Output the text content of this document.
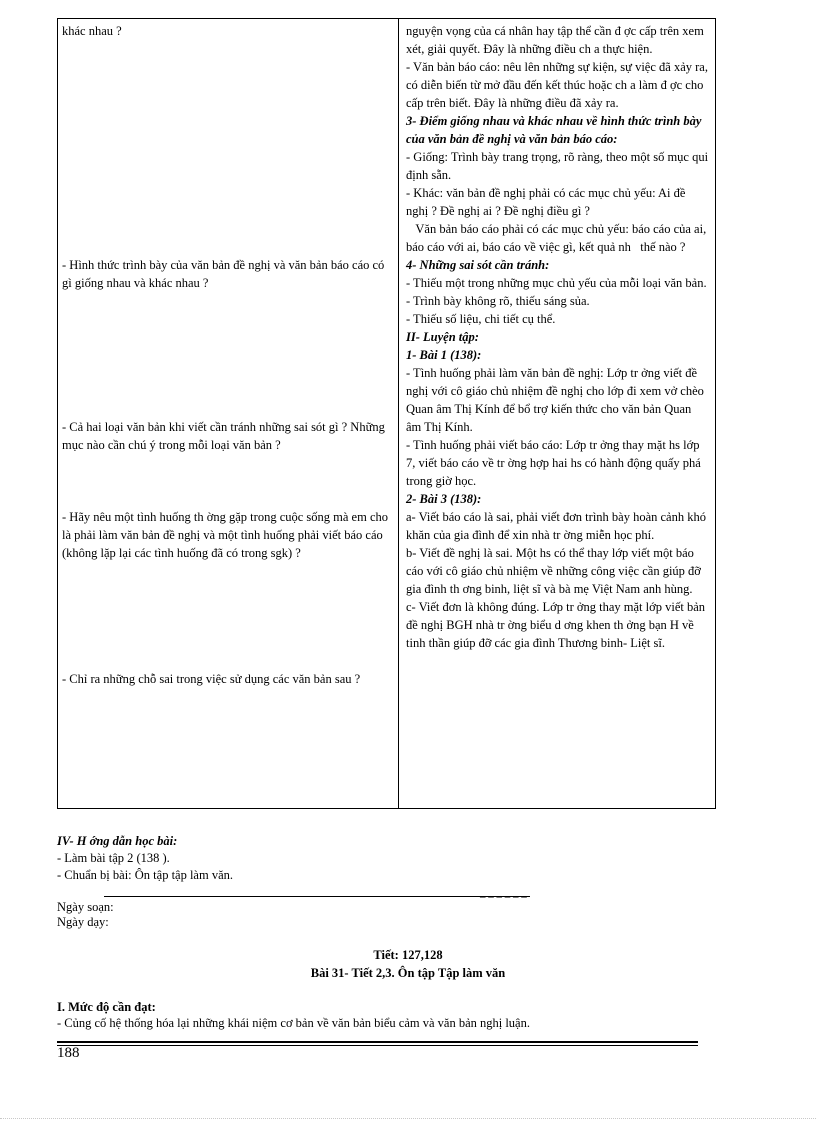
khác nhau ?
- Hình thức trình bày của văn bản đề nghị và văn bản báo cáo có gì giống nhau và khác nhau ?
- Cả hai loại văn bản khi viết cần tránh những sai sót gì ? Những mục nào cần chú ý trong mỗi loại văn bản ?
- Hãy nêu một tình huống th ờng gặp trong cuộc sống mà em cho là phải làm văn bản đề nghị và một tình huống phải viết báo cáo (không lặp lại các tình huống đã có trong sgk) ?
- Chỉ ra những chỗ sai trong việc sử dụng các văn bản sau ?
nguyện vọng của cá nhân hay tập thể cần đ ợc cấp trên xem xét, giải quyết. Đây là những điều ch a thực hiện.
- Văn bản báo cáo: nêu lên những sự kiện, sự việc đã xảy ra, có diễn biến từ mở đầu đến kết thúc hoặc ch a làm đ ợc cho cấp trên biết. Đây là những điều đã xảy ra.
3- Điểm giống nhau và khác nhau về hình thức trình bày của văn bản đề nghị và văn bản báo cáo:
- Giống: Trình bày trang trọng, rõ ràng, theo một số mục qui định sẵn.
- Khác: văn bản đề nghị phải có các mục chủ yếu: Ai đề nghị ? Đề nghị ai ? Đề nghị điều gì ?
Văn bản báo cáo phải có các mục chủ yếu: báo cáo của ai, báo cáo với ai, báo cáo về việc gì, kết quả nh   thế nào ?
4- Những sai sót cần tránh:
- Thiếu một trong những mục chủ yếu của mỗi loại văn bản.
- Trình bày không rõ, thiếu sáng sủa.
- Thiếu số liệu, chi tiết cụ thể.
II- Luyện tập:
1- Bài 1 (138):
- Tình huống phải làm văn bản đề nghị: Lớp tr ởng viết đề nghị với cô giáo chủ nhiệm đề nghị cho lớp đi xem vở chèo Quan âm Thị Kính để bổ trợ kiến thức cho văn bản Quan âm Thị Kính.
- Tình huống phải viết báo cáo: Lớp tr ởng thay mặt hs lớp 7, viết báo cáo về tr ờng hợp hai hs có hành động quấy phá trong giờ học.
2- Bài 3 (138):
a- Viết báo cáo là sai, phải viết đơn trình bày hoàn cảnh khó khăn của gia đình để xin nhà tr ờng miễn học phí.
b- Viết đề nghị là sai. Một hs có thể thay lớp viết một báo cáo với cô giáo chủ nhiệm về những công việc cần giúp đỡ gia đình th ơng binh, liệt sĩ và bà mẹ Việt Nam anh hùng.
c- Viết đơn là không đúng. Lớp tr ởng thay mặt lớp viết bản đề nghị BGH nhà tr ờng biểu d ơng khen th ởng bạn H về tinh thần giúp đỡ các gia đình Thương binh- Liệt sĩ.
IV- H ớng dẫn học bài:
- Làm bài tập 2 (138 ).
- Chuẩn bị bài: Ôn tập tập làm văn.
_ _ _ _ _ _
Ngày soạn:
Ngày dạy:
Tiết: 127,128
Bài 31- Tiết 2,3. Ôn tập Tập làm văn
I. Mức độ cần đạt:
- Củng cố hệ thống hóa lại những khái niệm cơ bản về văn bản biểu cảm và văn bản nghị luận.
188
